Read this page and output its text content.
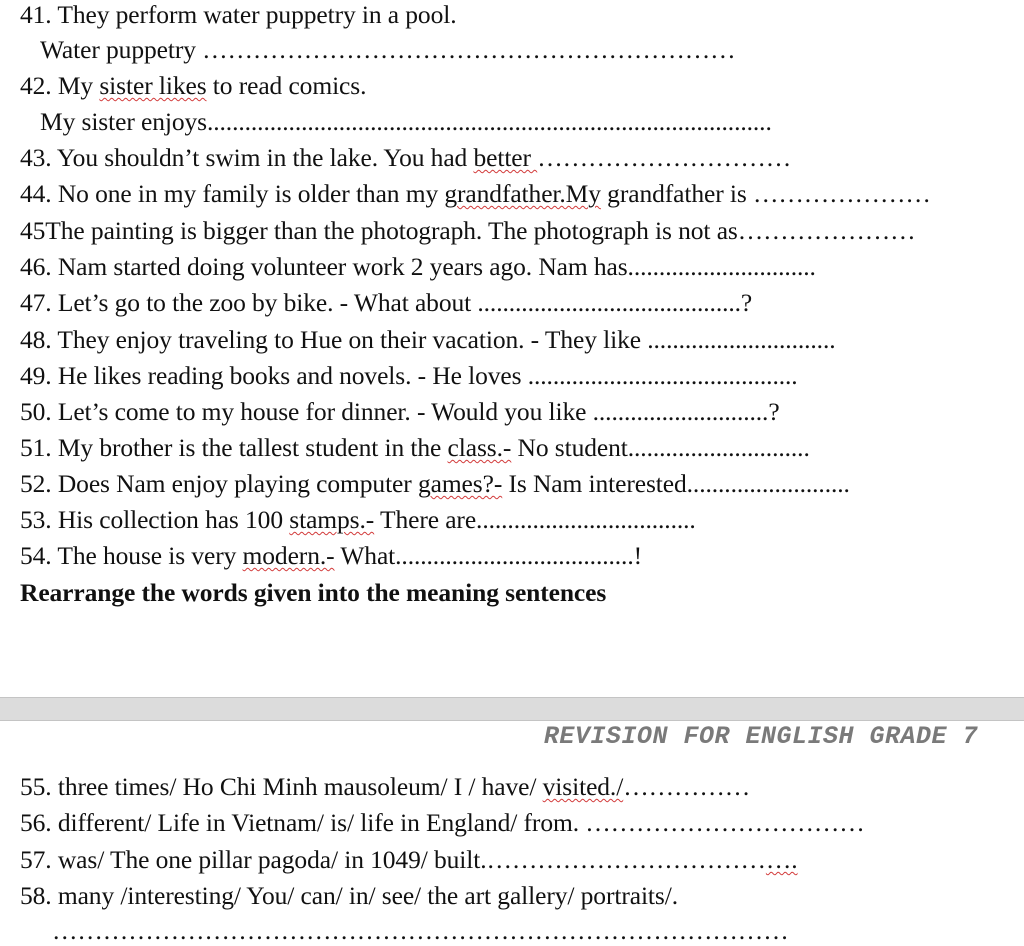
41. They perform water puppetry in a pool.
Water puppetry ………………………………………………………
42. My sister likes to read comics.
My sister enjoys..........................................................................................
43. You shouldn’t swim in the lake. You had better …………………………
44. No one in my family is older than my grandfather.My grandfather is …………………
45The painting is bigger than the photograph. The photograph is not as…………………
46. Nam started doing volunteer work 2 years ago. Nam has..............................
47. Let’s go to the zoo by bike. - What about ..........................................?
48. They enjoy traveling to Hue on their vacation. - They like ..............................
49. He likes reading books and novels. - He loves ...........................................
50. Let’s come to my house for dinner. - Would you like ............................?
51. My brother is the tallest student in the class.- No student.............................
52. Does Nam enjoy playing computer games?- Is Nam interested..........................
53. His collection has 100 stamps.- There are...................................
54. The house is very modern.- What......................................!
Rearrange the words given into the meaning sentences
REVISION FOR ENGLISH GRADE 7
55. three times/ Ho Chi Minh mausoleum/ I / have/ visited./……………
56. different/ Life in Vietnam/ is/ life in England/ from. ……………………………
57. was/ The one pillar pagoda/ in 1049/ built.……………………………….
58. many /interesting/ You/ can/ in/ see/ the art gallery/ portraits/.
……………………………………………………………………………
